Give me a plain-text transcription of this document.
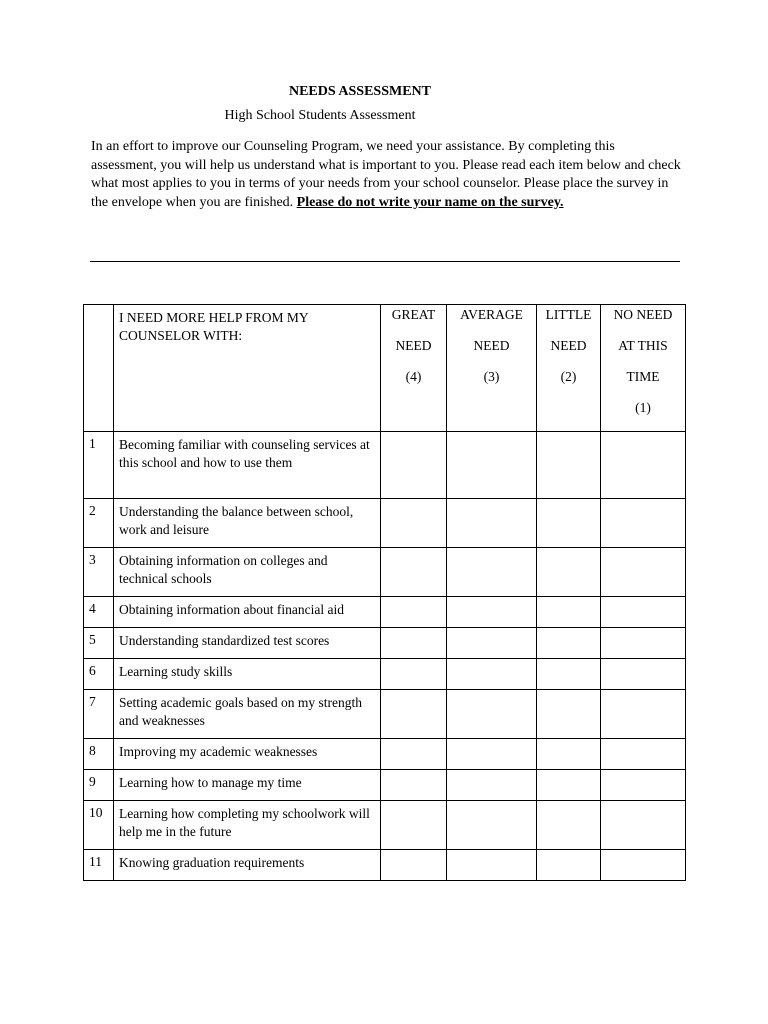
NEEDS ASSESSMENT
High School Students Assessment
In an effort to improve our Counseling Program, we need your assistance. By completing this assessment, you will help us understand what is important to you. Please read each item below and check what most applies to you in terms of your needs from your school counselor. Please place the survey in the envelope when you are finished. Please do not write your name on the survey.
	I NEED MORE HELP FROM MY COUNSELOR WITH:	GREAT
NEED
(4)	AVERAGE
NEED
(3)	LITTLE
NEED
(2)	NO NEED
AT THIS
TIME
(1)

1	Becoming familiar with counseling services at this school and how to use them				
2	Understanding the balance between school, work and leisure				
3	Obtaining information on colleges and technical schools				
4	Obtaining information about financial aid				
5	Understanding standardized test scores				
6	Learning study skills				
7	Setting academic goals based on my strength and weaknesses				
8	Improving my academic weaknesses				
9	Learning how to manage my time				
10	Learning how completing my schoolwork will help me in the future				
11	Knowing graduation requirements				
